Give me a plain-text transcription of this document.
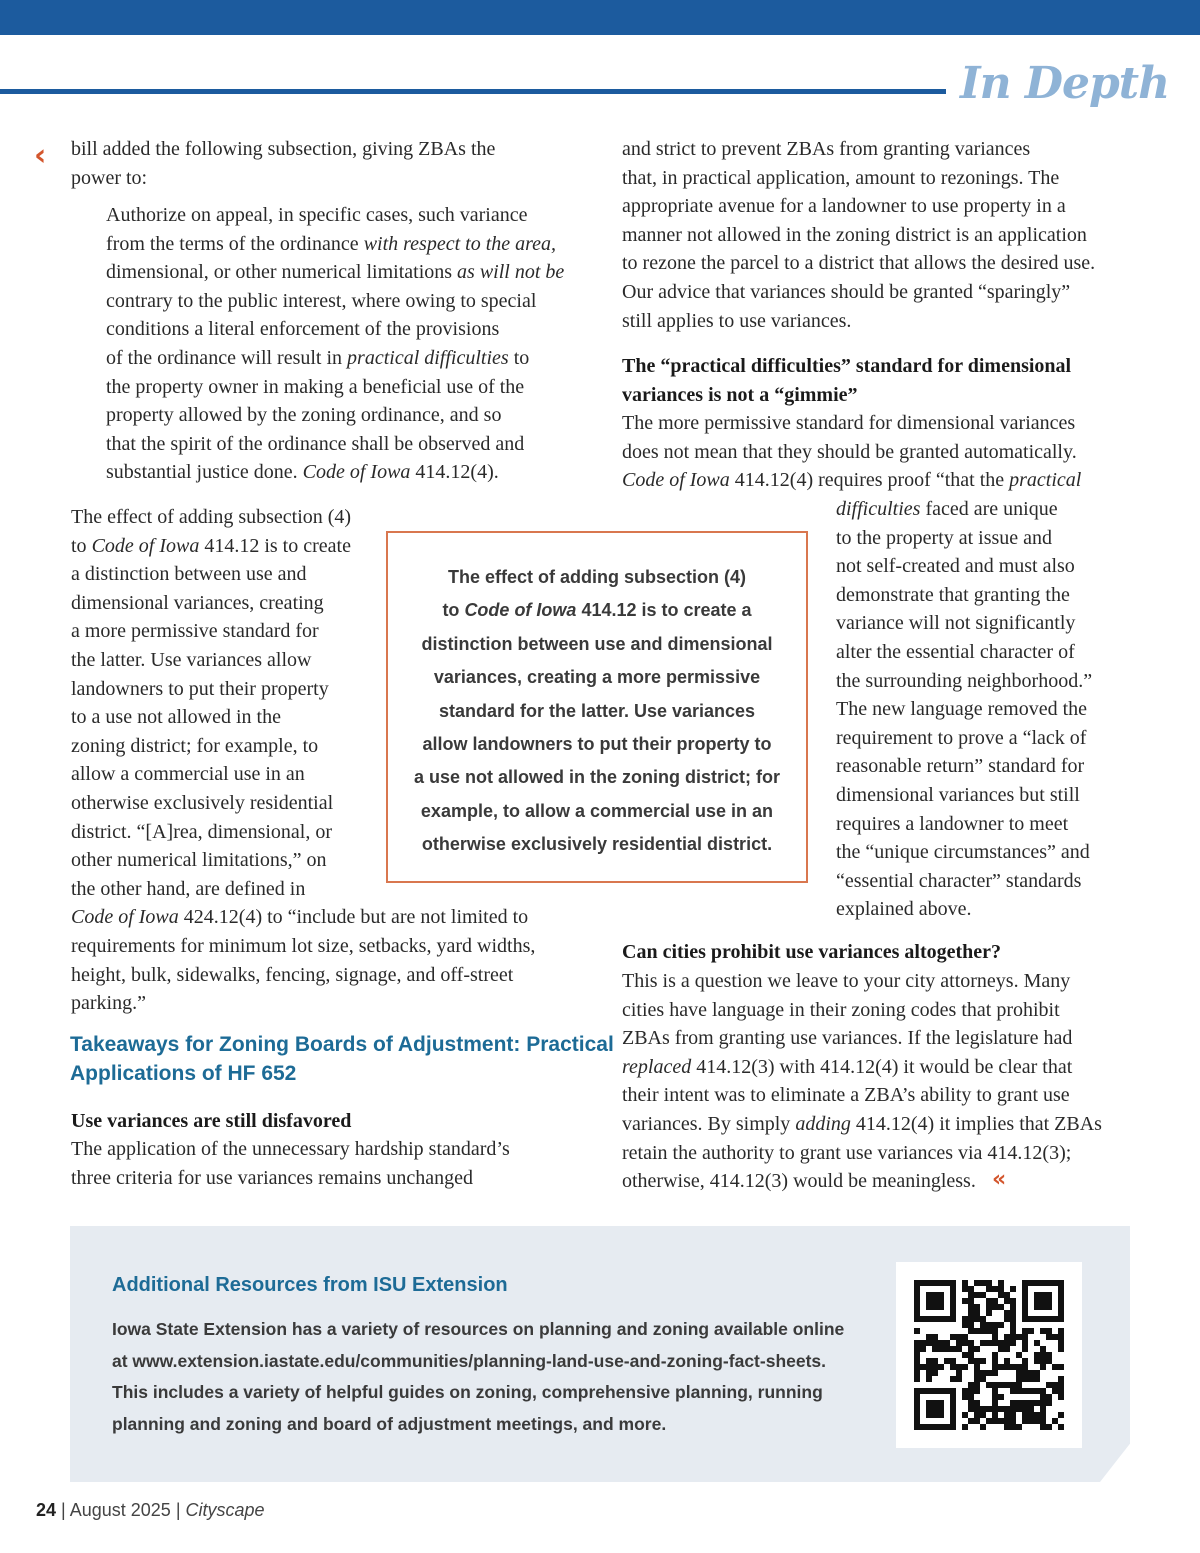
In Depth
‹ bill added the following subsection, giving ZBAs the
power to:
Authorize on appeal, in specific cases, such variance
from the terms of the ordinance with respect to the area,
dimensional, or other numerical limitations as will not be
contrary to the public interest, where owing to special
conditions a literal enforcement of the provisions
of the ordinance will result in practical difficulties to
the property owner in making a beneficial use of the
property allowed by the zoning ordinance, and so
that the spirit of the ordinance shall be observed and
substantial justice done. Code of Iowa 414.12(4).
The effect of adding subsection (4)
to Code of Iowa 414.12 is to create
a distinction between use and
dimensional variances, creating
a more permissive standard for
the latter. Use variances allow
landowners to put their property
to a use not allowed in the
zoning district; for example, to
allow a commercial use in an
otherwise exclusively residential
district. “[A]rea, dimensional, or
other numerical limitations,” on
the other hand, are defined in
Code of Iowa 424.12(4) to “include but are not limited to
requirements for minimum lot size, setbacks, yard widths,
height, bulk, sidewalks, fencing, signage, and off-street
parking.”
The effect of adding subsection (4)
to Code of Iowa 414.12 is to create a
distinction between use and dimensional
variances, creating a more permissive
standard for the latter. Use variances
allow landowners to put their property to
a use not allowed in the zoning district; for
example, to allow a commercial use in an
otherwise exclusively residential district.
Takeaways for Zoning Boards of Adjustment: Practical
Applications of HF 652
Use variances are still disfavored
The application of the unnecessary hardship standard’s
three criteria for use variances remains unchanged
and strict to prevent ZBAs from granting variances
that, in practical application, amount to rezonings. The
appropriate avenue for a landowner to use property in a
manner not allowed in the zoning district is an application
to rezone the parcel to a district that allows the desired use.
Our advice that variances should be granted “sparingly”
still applies to use variances.
The “practical difficulties” standard for dimensional
variances is not a “gimmie”
The more permissive standard for dimensional variances
does not mean that they should be granted automatically.
Code of Iowa 414.12(4) requires proof “that the practical
difficulties faced are unique
to the property at issue and
not self-created and must also
demonstrate that granting the
variance will not significantly
alter the essential character of
the surrounding neighborhood.”
The new language removed the
requirement to prove a “lack of
reasonable return” standard for
dimensional variances but still
requires a landowner to meet
the “unique circumstances” and
“essential character” standards
explained above.
Can cities prohibit use variances altogether?
This is a question we leave to your city attorneys. Many
cities have language in their zoning codes that prohibit
ZBAs from granting use variances. If the legislature had
replaced 414.12(3) with 414.12(4) it would be clear that
their intent was to eliminate a ZBA’s ability to grant use
variances. By simply adding 414.12(4) it implies that ZBAs
retain the authority to grant use variances via 414.12(3);
otherwise, 414.12(3) would be meaningless. «
Additional Resources from ISU Extension
Iowa State Extension has a variety of resources on planning and zoning available online
at www.extension.iastate.edu/communities/planning-land-use-and-zoning-fact-sheets.
This includes a variety of helpful guides on zoning, comprehensive planning, running
planning and zoning and board of adjustment meetings, and more.
24 | August 2025 | Cityscape
